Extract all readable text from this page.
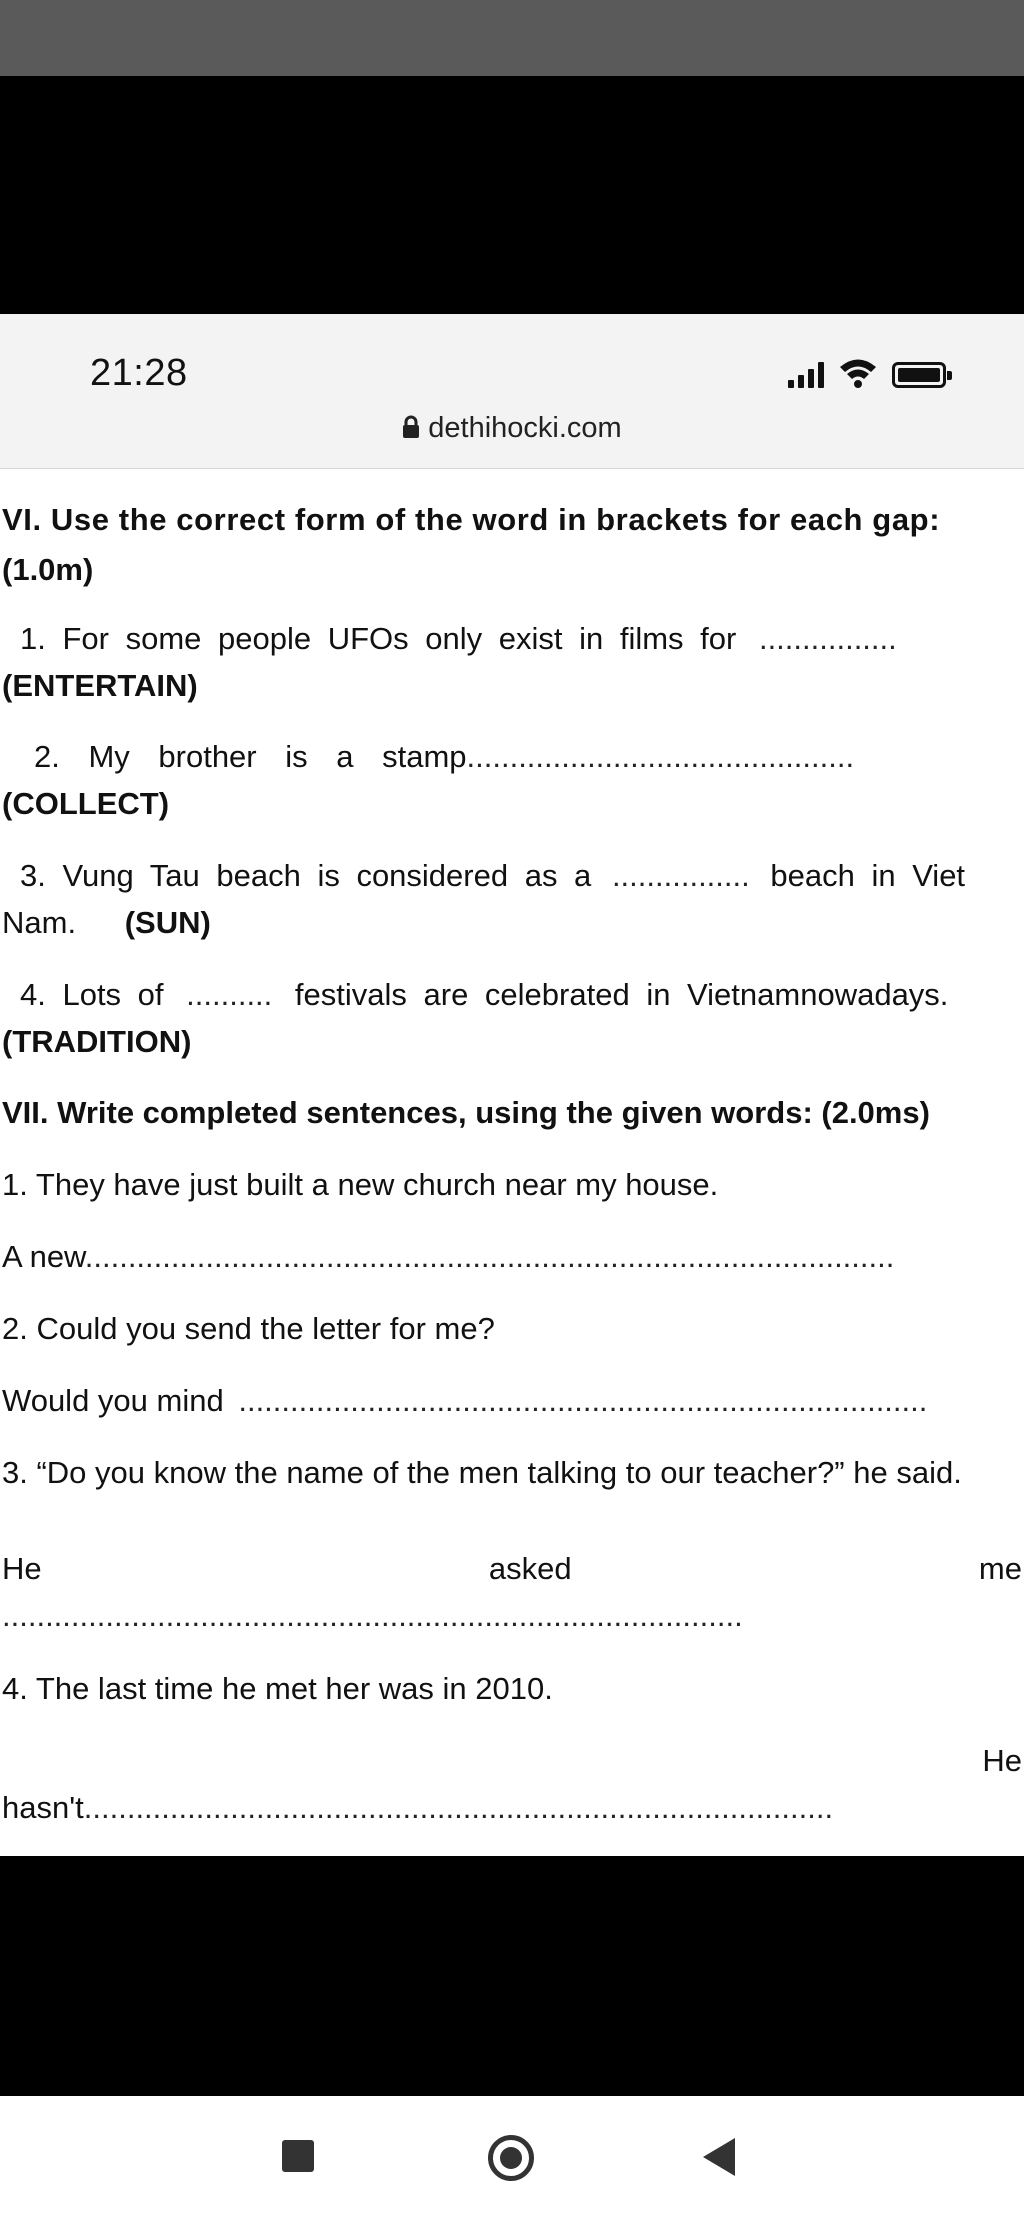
21:28
dethihocki.com
VI. Use the correct form of the word in brackets for each gap:
(1.0m)
1. For some people UFOs only exist in films for ................
(ENTERTAIN)
2. My brother is a stamp.............................................
(COLLECT)
3. Vung Tau beach is considered as a ................ beach in Viet
Nam. (SUN)
4. Lots of .......... festivals are celebrated in Vietnamnowadays.
(TRADITION)
VII. Write completed sentences, using the given words: (2.0ms)
1. They have just built a new church near my house.
A new..............................................................................................
2. Could you send the letter for me?
Would you mind ................................................................................
3. “Do you know the name of the men talking to our teacher?” he said.
He	asked	me
......................................................................................
4. The last time he met her was in 2010.
He
hasn't.......................................................................................
